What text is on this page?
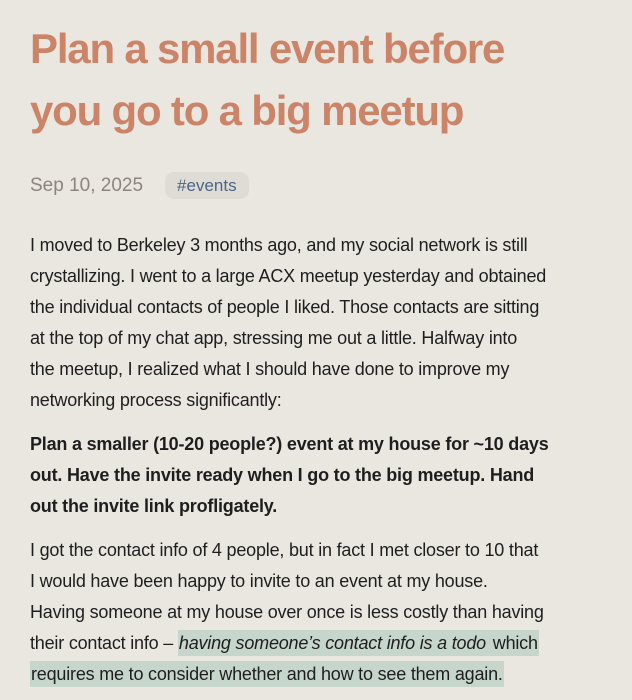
Plan a small event before
you go to a big meetup
Sep 10, 2025	#events

I moved to Berkeley 3 months ago, and my social network is still
crystallizing. I went to a large ACX meetup yesterday and obtained
the individual contacts of people I liked. Those contacts are sitting
at the top of my chat app, stressing me out a little. Halfway into
the meetup, I realized what I should have done to improve my
networking process significantly:

Plan a smaller (10-20 people?) event at my house for ~10 days
out. Have the invite ready when I go to the big meetup. Hand
out the invite link profligately.

I got the contact info of 4 people, but in fact I met closer to 10 that
I would have been happy to invite to an event at my house.
Having someone at my house over once is less costly than having
their contact info – having someone’s contact info is a todo which
requires me to consider whether and how to see them again.
